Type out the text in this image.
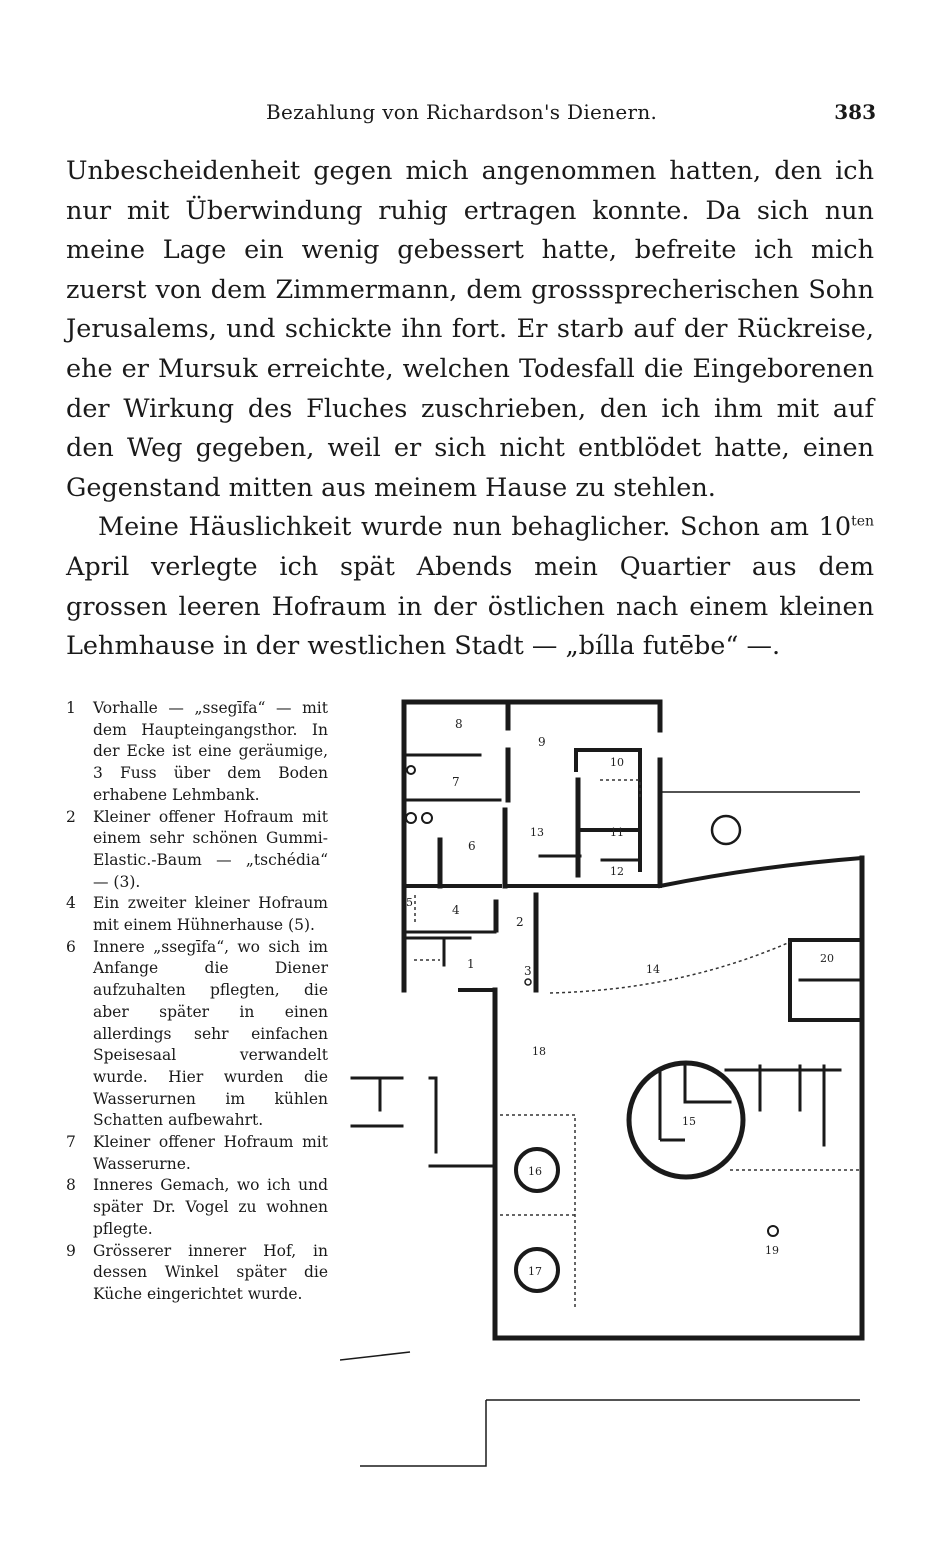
Bezahlung von Richardson's Dienern.	383

Unbescheidenheit gegen mich angenommen hatten, den ich nur mit Überwindung ruhig ertragen konnte. Da sich nun meine Lage ein wenig gebessert hatte, befreite ich mich zuerst von dem Zimmermann, dem grosssprecherischen Sohn Jerusalems, und schickte ihn fort. Er starb auf der Rückreise, ehe er Mursuk erreichte, welchen Todesfall die Eingeborenen der Wirkung des Fluches zuschrieben, den ich ihm mit auf den Weg gegeben, weil er sich nicht entblödet hatte, einen Gegenstand mitten aus meinem Hause zu stehlen.

Meine Häuslichkeit wurde nun behaglicher. Schon am $10^{ten}$ April verlegte ich spät Abends mein Quartier aus dem grossen leeren Hofraum in der östlichen nach einem kleinen Lehmhause in der westlichen Stadt — „bílla futēbe“ —.

1 Vorhalle — „ssegīfa“ — mit dem Haupteingangsthor. In der Ecke ist eine geräumige, 3 Fuss über dem Boden erhabene Lehmbank.
2 Kleiner offener Hofraum mit einem sehr schönen Gummi-Elastic.-Baum — „tschédia“ — (3).
4 Ein zweiter kleiner Hofraum mit einem Hühnerhause (5).
6 Innere „ssegīfa“, wo sich im Anfange die Diener aufzuhalten pflegten, die aber später in einen allerdings sehr einfachen Speisesaal verwandelt wurde. Hier wurden die Wasserurnen im kühlen Schatten aufbewahrt.
7 Kleiner offener Hofraum mit Wasserurne.
8 Inneres Gemach, wo ich und später Dr. Vogel zu wohnen pflegte.
9 Grösserer innerer Hof, in dessen Winkel später die Küche eingerichtet wurde.
8
9
10
7
13	11
6
12
5
4
2
1	3	14
20
18
15
16
17
19
